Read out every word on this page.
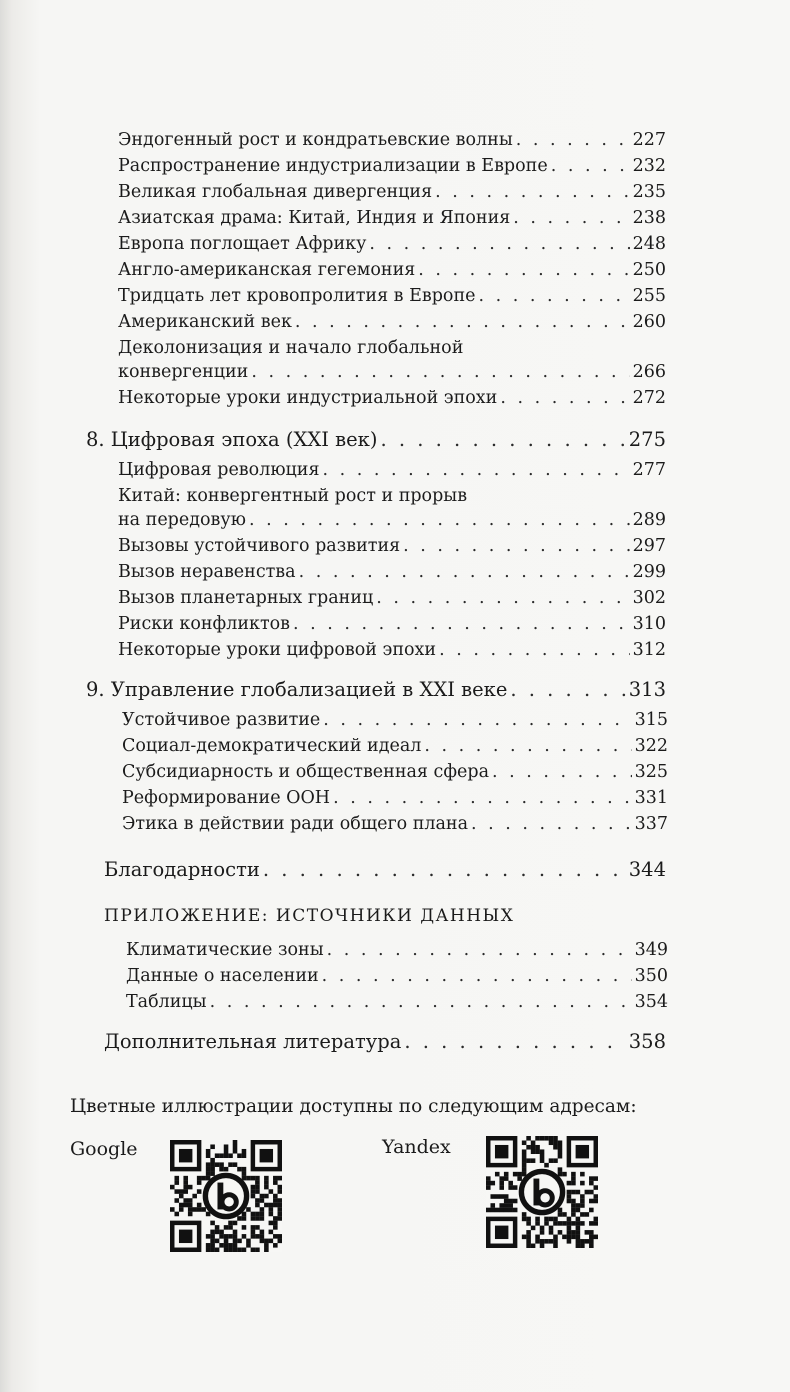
Эндогенный рост и кондратьевские волны . . .	227
Распространение индустриализации в Европе . . .	232
Великая глобальная дивергенция . . .	235
Азиатская драма: Китай, Индия и Япония . . .	238
Европа поглощает Африку . . .	248
Англо-американская гегемония . . .	250
Тридцать лет кровопролития в Европе . . .	255
Американский век . . .	260
Деколонизация и начало глобальной
конвергенции . . .	266
Некоторые уроки индустриальной эпохи . . .	272
8. Цифровая эпоха (XXI век) . . .	275
Цифровая революция . . .	277
Китай: конвергентный рост и прорыв
на передовую . . .	289
Вызовы устойчивого развития . . .	297
Вызов неравенства . . .	299
Вызов планетарных границ . . .	302
Риски конфликтов . . .	310
Некоторые уроки цифровой эпохи . . .	312
9. Управление глобализацией в XXI веке . . .	313
Устойчивое развитие . . .	315
Социал-демократический идеал . . .	322
Субсидиарность и общественная сфера . . .	325
Реформирование ООН . . .	331
Этика в действии ради общего плана . . .	337
Благодарности . . .	344
ПРИЛОЖЕНИЕ: ИСТОЧНИКИ ДАННЫХ
Климатические зоны . . .	349
Данные о населении . . .	350
Таблицы . . .	354
Дополнительная литература . . .	358
Цветные иллюстрации доступны по следующим адресам:
Google	Yandex
